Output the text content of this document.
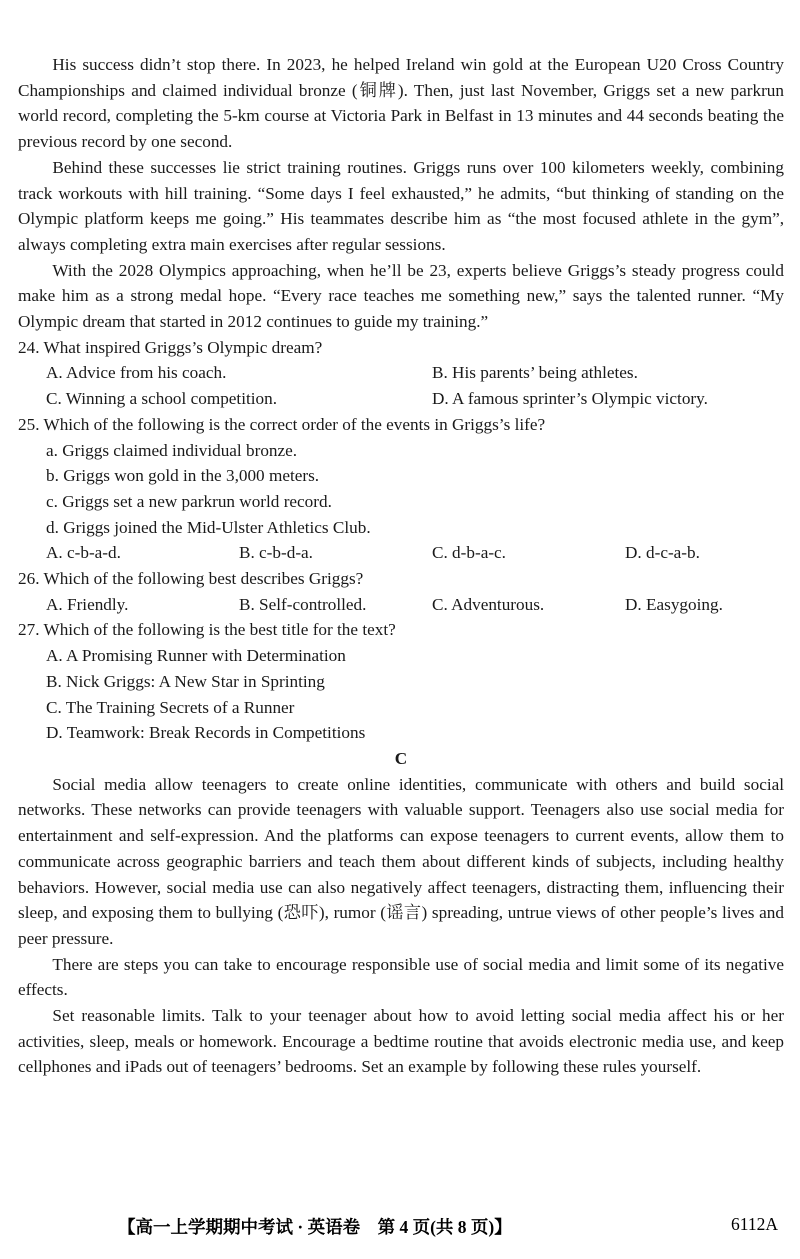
His success didn’t stop there. In 2023, he helped Ireland win gold at the European U20 Cross Country Championships and claimed individual bronze (铜牌). Then, just last November, Griggs set a new parkrun world record, completing the 5-km course at Victoria Park in Belfast in 13 minutes and 44 seconds beating the previous record by one second.

Behind these successes lie strict training routines. Griggs runs over 100 kilometers weekly, combining track workouts with hill training. “Some days I feel exhausted,” he admits, “but thinking of standing on the Olympic platform keeps me going.” His teammates describe him as “the most focused athlete in the gym”, always completing extra main exercises after regular sessions.

With the 2028 Olympics approaching, when he’ll be 23, experts believe Griggs’s steady progress could make him as a strong medal hope. “Every race teaches me something new,” says the talented runner. “My Olympic dream that started in 2012 continues to guide my training.”

24. What inspired Griggs’s Olympic dream?

A. Advice from his coach.	B. His parents’ being athletes.
C. Winning a school competition.	D. A famous sprinter’s Olympic victory.

25. Which of the following is the correct order of the events in Griggs’s life?

a. Griggs claimed individual bronze.

b. Griggs won gold in the 3,000 meters.

c. Griggs set a new parkrun world record.

d. Griggs joined the Mid-Ulster Athletics Club.

A. c-b-a-d.	B. c-b-d-a.	C. d-b-a-c.	D. d-c-a-b.

26. Which of the following best describes Griggs?

A. Friendly.	B. Self-controlled.	C. Adventurous.	D. Easygoing.

27. Which of the following is the best title for the text?

A. A Promising Runner with Determination

B. Nick Griggs: A New Star in Sprinting

C. The Training Secrets of a Runner

D. Teamwork: Break Records in Competitions

C

Social media allow teenagers to create online identities, communicate with others and build social networks. These networks can provide teenagers with valuable support. Teenagers also use social media for entertainment and self-expression. And the platforms can expose teenagers to current events, allow them to communicate across geographic barriers and teach them about different kinds of subjects, including healthy behaviors. However, social media use can also negatively affect teenagers, distracting them, influencing their sleep, and exposing them to bullying (恐吓), rumor (谣言) spreading, untrue views of other people’s lives and peer pressure.

There are steps you can take to encourage responsible use of social media and limit some of its negative effects.

Set reasonable limits. Talk to your teenager about how to avoid letting social media affect his or her activities, sleep, meals or homework. Encourage a bedtime routine that avoids electronic media use, and keep cellphones and iPads out of teenagers’ bedrooms. Set an example by following these rules yourself.

【高一上学期期中考试 · 英语卷　第 4 页(共 8 页)】	6112A
